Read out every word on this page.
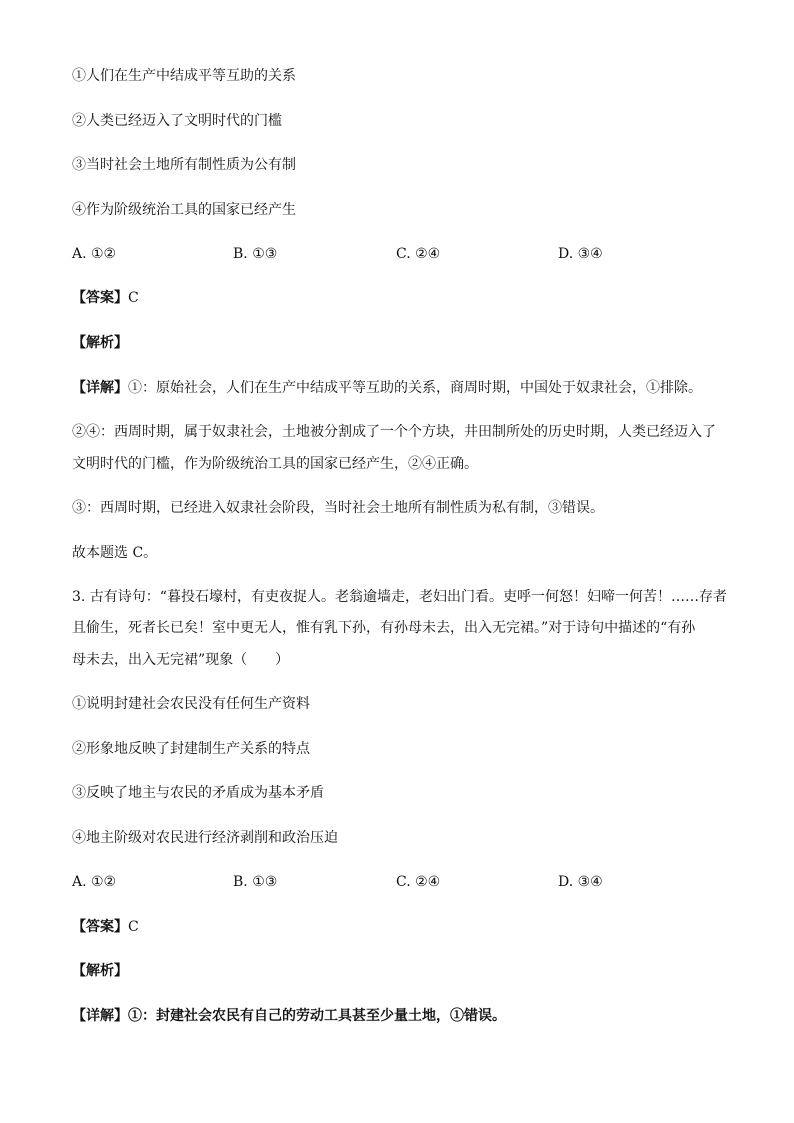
①人们在生产中结成平等互助的关系
②人类已经迈入了文明时代的门槛
③当时社会土地所有制性质为公有制
④作为阶级统治工具的国家已经产生
A. ①②	B. ①③	C. ②④	D. ③④
【答案】C
【解析】
【详解】①：原始社会，人们在生产中结成平等互助的关系，商周时期，中国处于奴隶社会，①排除。
②④：西周时期，属于奴隶社会，土地被分割成了一个个方块，井田制所处的历史时期，人类已经迈入了
文明时代的门槛，作为阶级统治工具的国家已经产生，②④正确。
③：西周时期，已经进入奴隶社会阶段，当时社会土地所有制性质为私有制，③错误。
故本题选 C。
3. 古有诗句：“暮投石壕村，有吏夜捉人。老翁逾墙走，老妇出门看。吏呼一何怒！妇啼一何苦！……存者
且偷生，死者长已矣！室中更无人，惟有乳下孙，有孙母未去，出入无完裙。”对于诗句中描述的“有孙
母未去，出入无完裙”现象（　　）
①说明封建社会农民没有任何生产资料
②形象地反映了封建制生产关系的特点
③反映了地主与农民的矛盾成为基本矛盾
④地主阶级对农民进行经济剥削和政治压迫
A. ①②	B. ①③	C. ②④	D. ③④
【答案】C
【解析】
【详解】①：封建社会农民有自己的劳动工具甚至少量土地，①错误。
